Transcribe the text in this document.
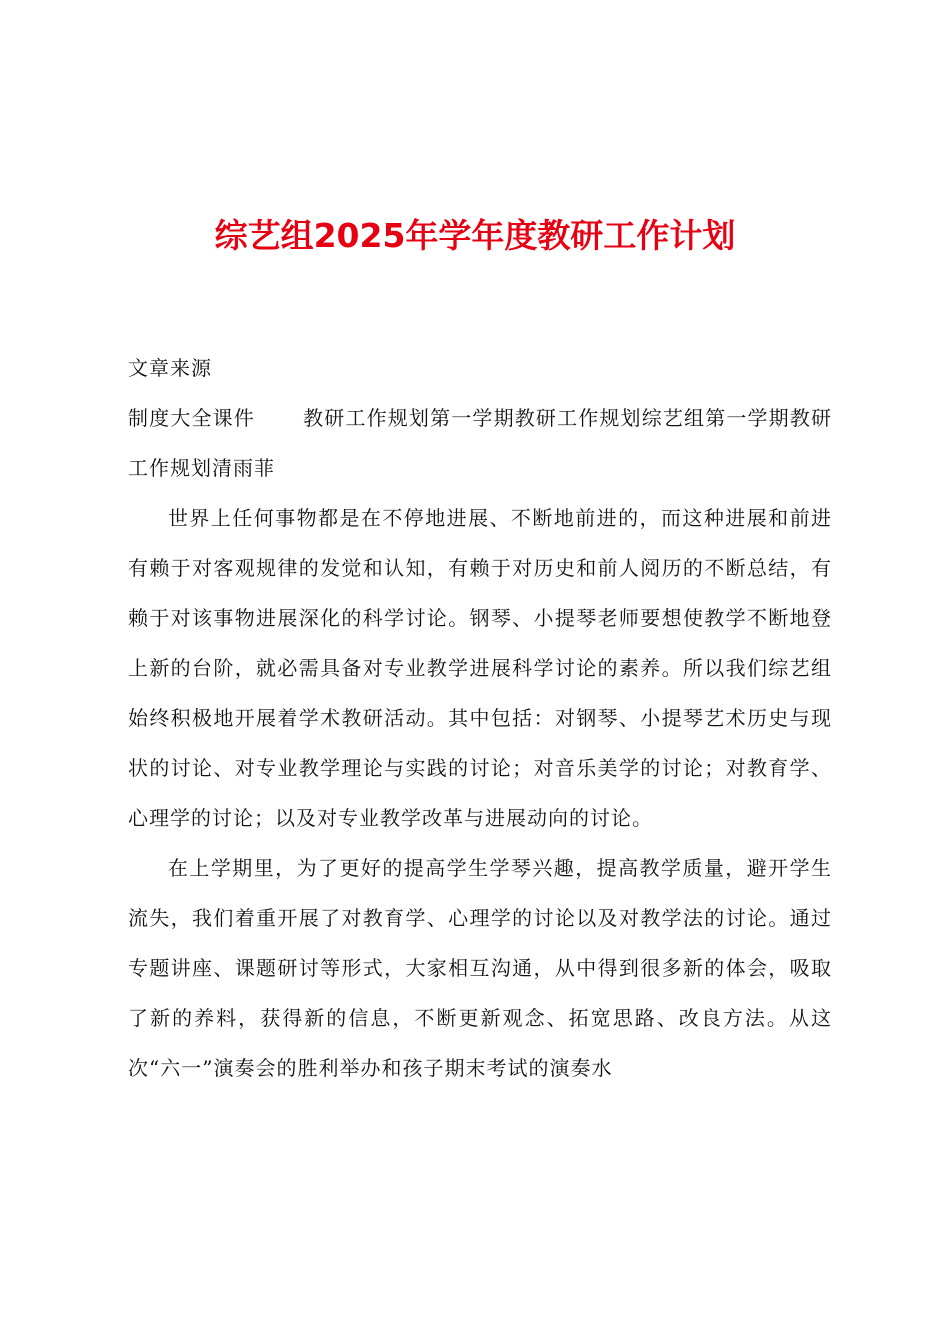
综艺组2025年学年度教研工作计划

文章来源

制度大全课件 教研工作规划第一学期教研工作规划综艺组第一学期教研工作规划清雨菲

世界上任何事物都是在不停地进展、不断地前进的，而这种进展和前进有赖于对客观规律的发觉和认知，有赖于对历史和前人阅历的不断总结，有赖于对该事物进展深化的科学讨论。钢琴、小提琴老师要想使教学不断地登上新的台阶，就必需具备对专业教学进展科学讨论的素养。所以我们综艺组始终积极地开展着学术教研活动。其中包括：对钢琴、小提琴艺术历史与现状的讨论、对专业教学理论与实践的讨论；对音乐美学的讨论；对教育学、心理学的讨论；以及对专业教学改革与进展动向的讨论。

在上学期里，为了更好的提高学生学琴兴趣，提高教学质量，避开学生流失，我们着重开展了对教育学、心理学的讨论以及对教学法的讨论。通过专题讲座、课题研讨等形式，大家相互沟通，从中得到很多新的体会，吸取了新的养料，获得新的信息，不断更新观念、拓宽思路、改良方法。从这次“六一”演奏会的胜利举办和孩子期末考试的演奏水
